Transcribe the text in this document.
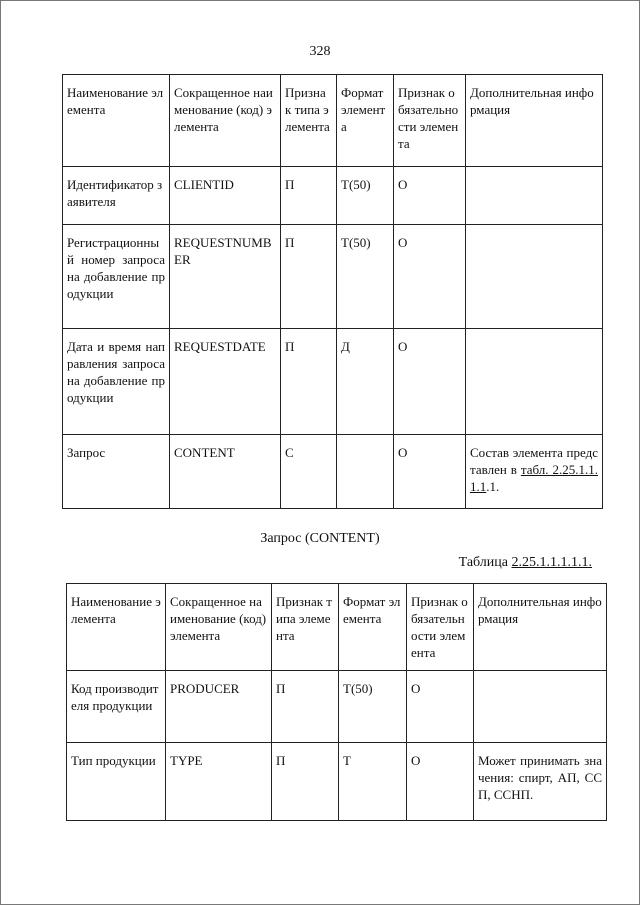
328
Наименование элемента	Сокращенное наименование (код) элемента	Признак типа элемента	Формат элемента	Признак обязательности элемента	Дополнительная информация
Идентификатор заявителя	CLIENTID	П	Т(50)	О	
Регистрационный номер запроса на добавление продукции	REQUESTNUMBER	П	Т(50)	О	
Дата и время направления запроса на добавление продукции	REQUESTDATE	П	Д	О	
Запрос	CONTENT	С		О	Состав элемента представлен в табл. 2.25.1.1.1.1.1.
Запрос (CONTENT)
Таблица 2.25.1.1.1.1.1.
Наименование элемента	Сокращенное наименование (код) элемента	Признак типа элемента	Формат элемента	Признак обязательности элемента	Дополнительная информация
Код производителя продукции	PRODUCER	П	Т(50)	О	
Тип продукции	TYPE	П	Т	О	Может принимать значения: спирт, АП, ССП, ССНП.
